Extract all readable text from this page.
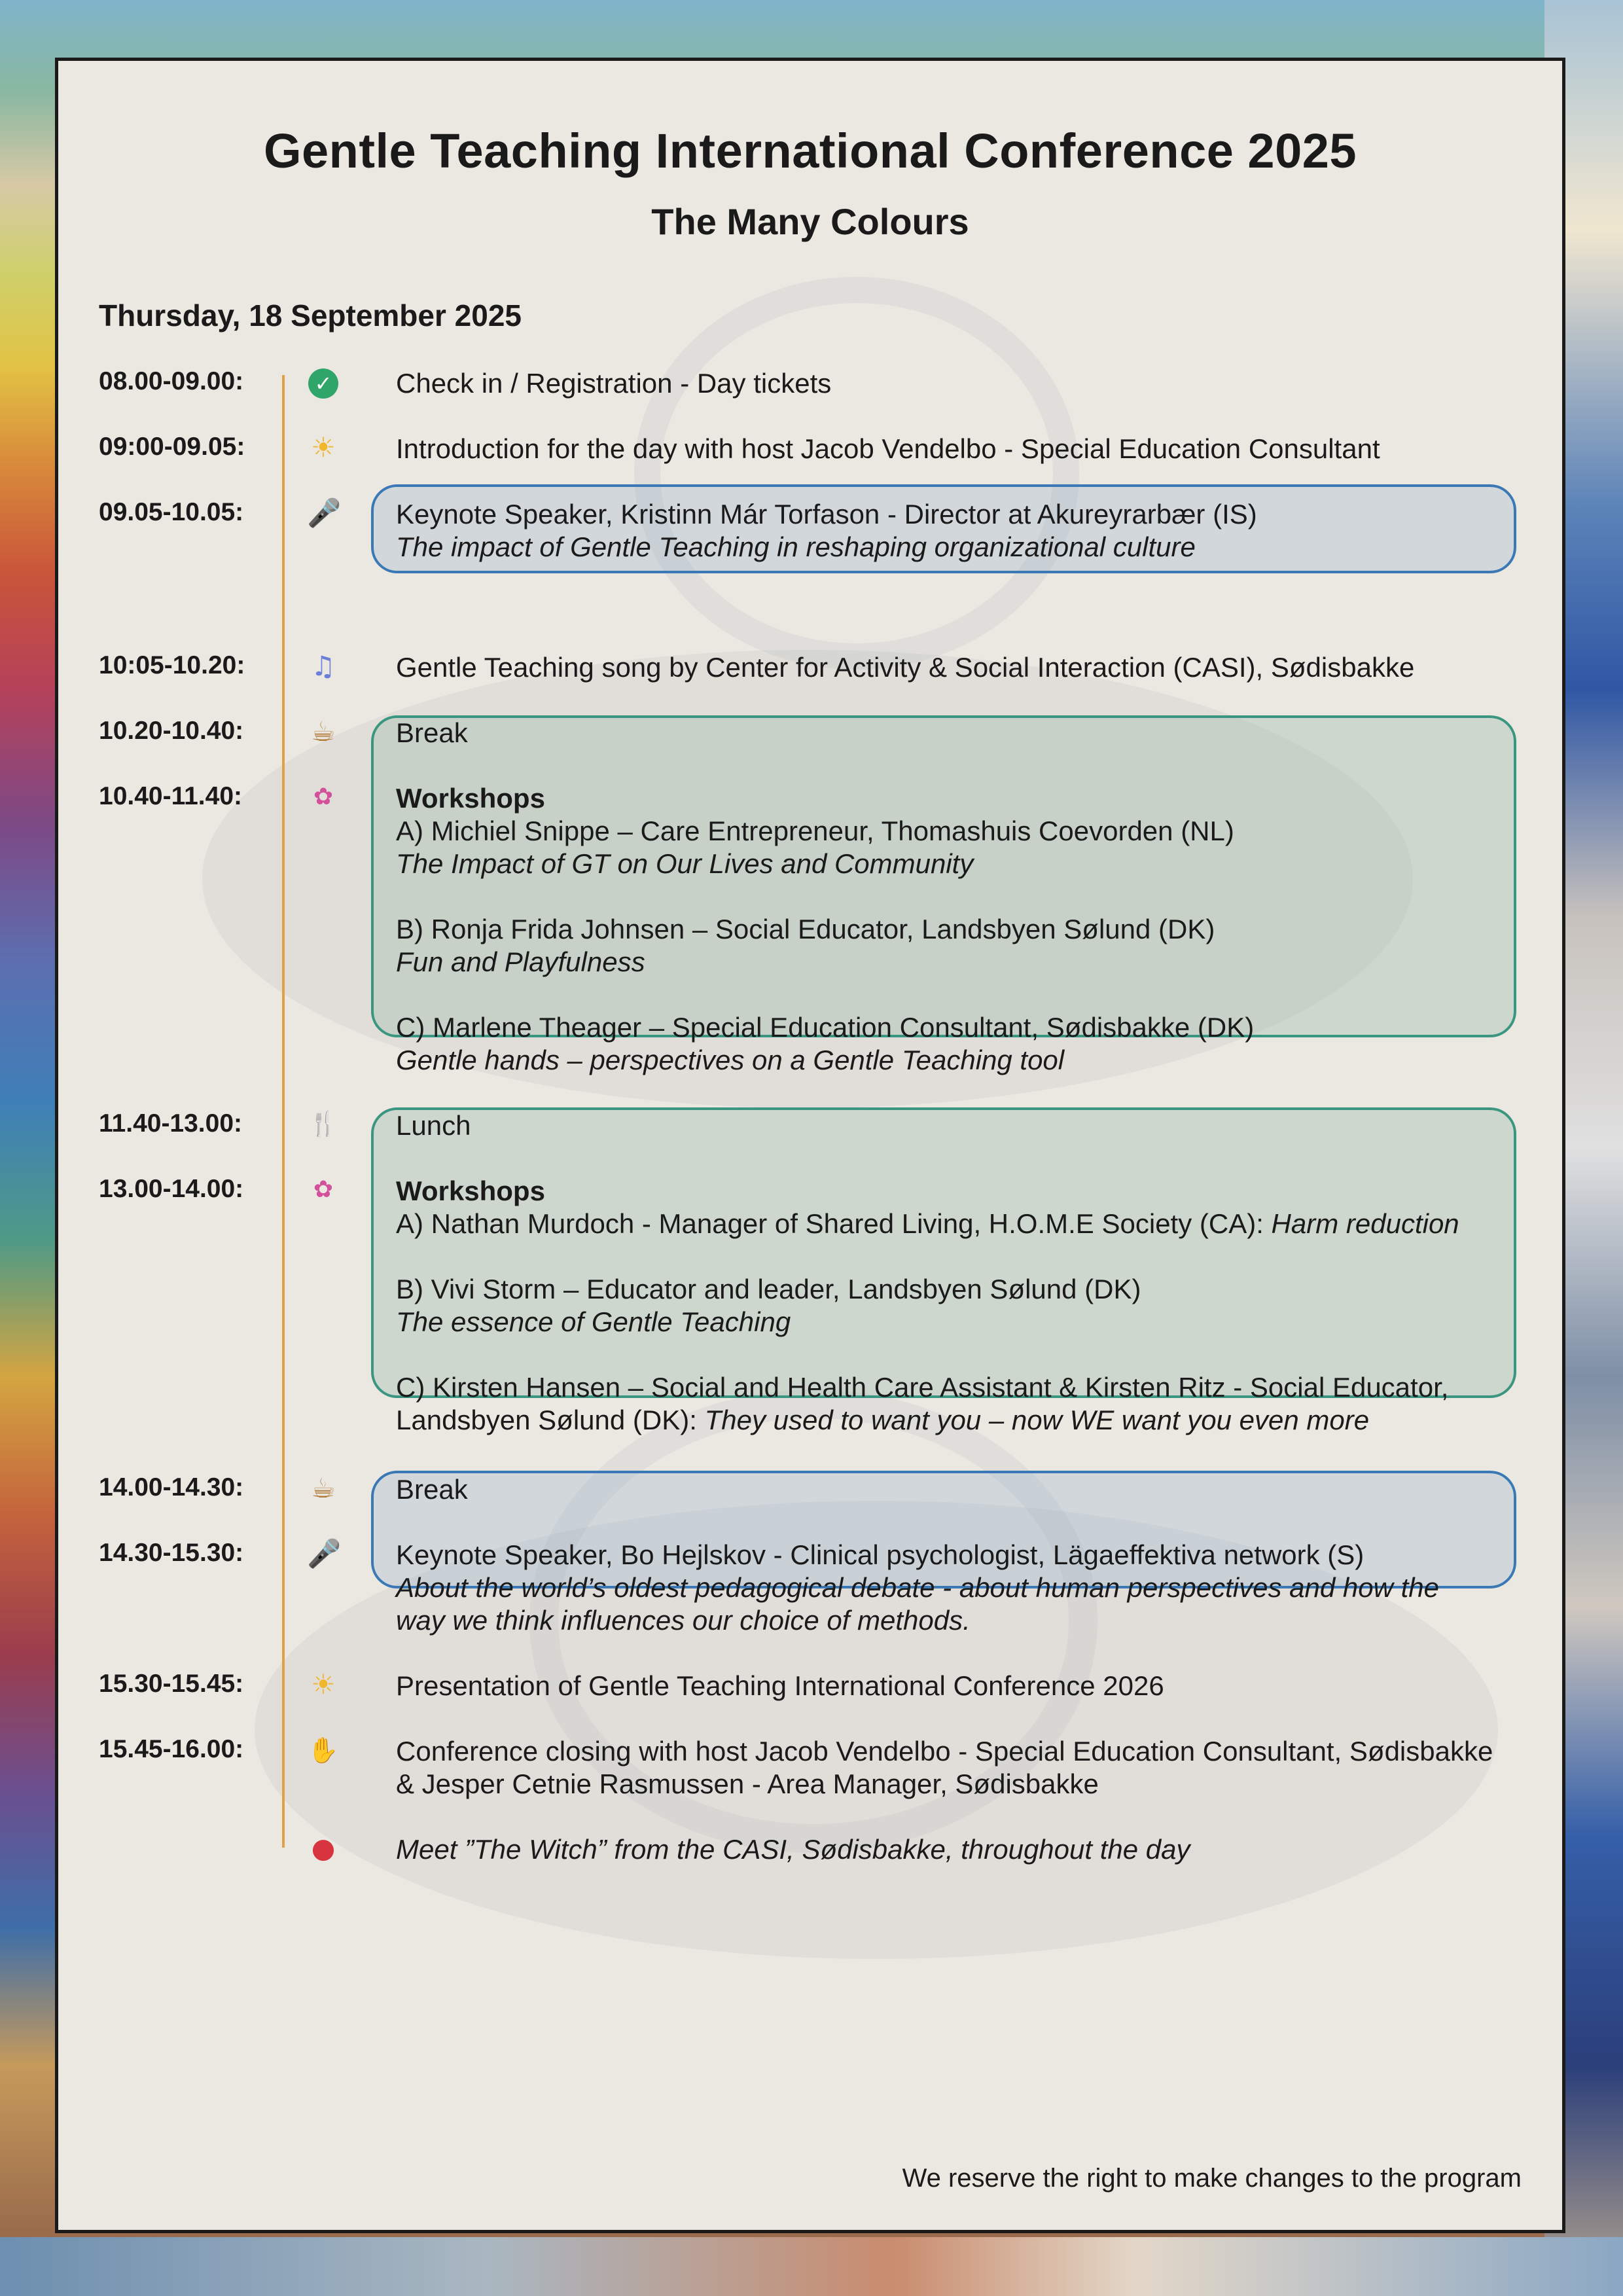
Gentle Teaching International Conference 2025
The Many Colours
Thursday, 18 September 2025
08.00-09.00:	✓ Check in / Registration - Day tickets
09:00-09.05: ☀ Introduction for the day with host Jacob Vendelbo - Special Education Consultant
09.05-10.05: 🎤 Keynote Speaker, Kristinn Már Torfason - Director at Akureyrarbær (IS)
The impact of Gentle Teaching in reshaping organizational culture
10:05-10.20: ♫ Gentle Teaching song by Center for Activity & Social Interaction (CASI), Sødisbakke
10.20-10.40: ☕ Break
10.40-11.40:	✿ Workshops
A) Michiel Snippe – Care Entrepreneur, Thomashuis Coevorden (NL)
The Impact of GT on Our Lives and Community
B) Ronja Frida Johnsen – Social Educator, Landsbyen Sølund (DK)
Fun and Playfulness
C) Marlene Theager – Special Education Consultant, Sødisbakke (DK)
Gentle hands – perspectives on a Gentle Teaching tool
11.40-13.00:	🍴 Lunch
13.00-14.00:	✿ Workshops
A) Nathan Murdoch - Manager of Shared Living, H.O.M.E Society (CA): Harm reduction
B) Vivi Storm – Educator and leader, Landsbyen Sølund (DK)
The essence of Gentle Teaching
C) Kirsten Hansen – Social and Health Care Assistant & Kirsten Ritz - Social Educator,
Landsbyen Sølund (DK): They used to want you – now WE want you even more
14.00-14.30: ☕ Break
14.30-15.30: 🎤 Keynote Speaker, Bo Hejlskov - Clinical psychologist, Lägaeffektiva network (S)
About the world’s oldest pedagogical debate - about human perspectives and how the
way we think influences our choice of methods.
15.30-15.45: ☀ Presentation of Gentle Teaching International Conference 2026
15.45-16.00:	✋ Conference closing with host Jacob Vendelbo - Special Education Consultant, Sødisbakke
& Jesper Cetnie Rasmussen - Area Manager, Sødisbakke
● Meet ”The Witch” from the CASI, Sødisbakke, throughout the day
We reserve the right to make changes to the program
